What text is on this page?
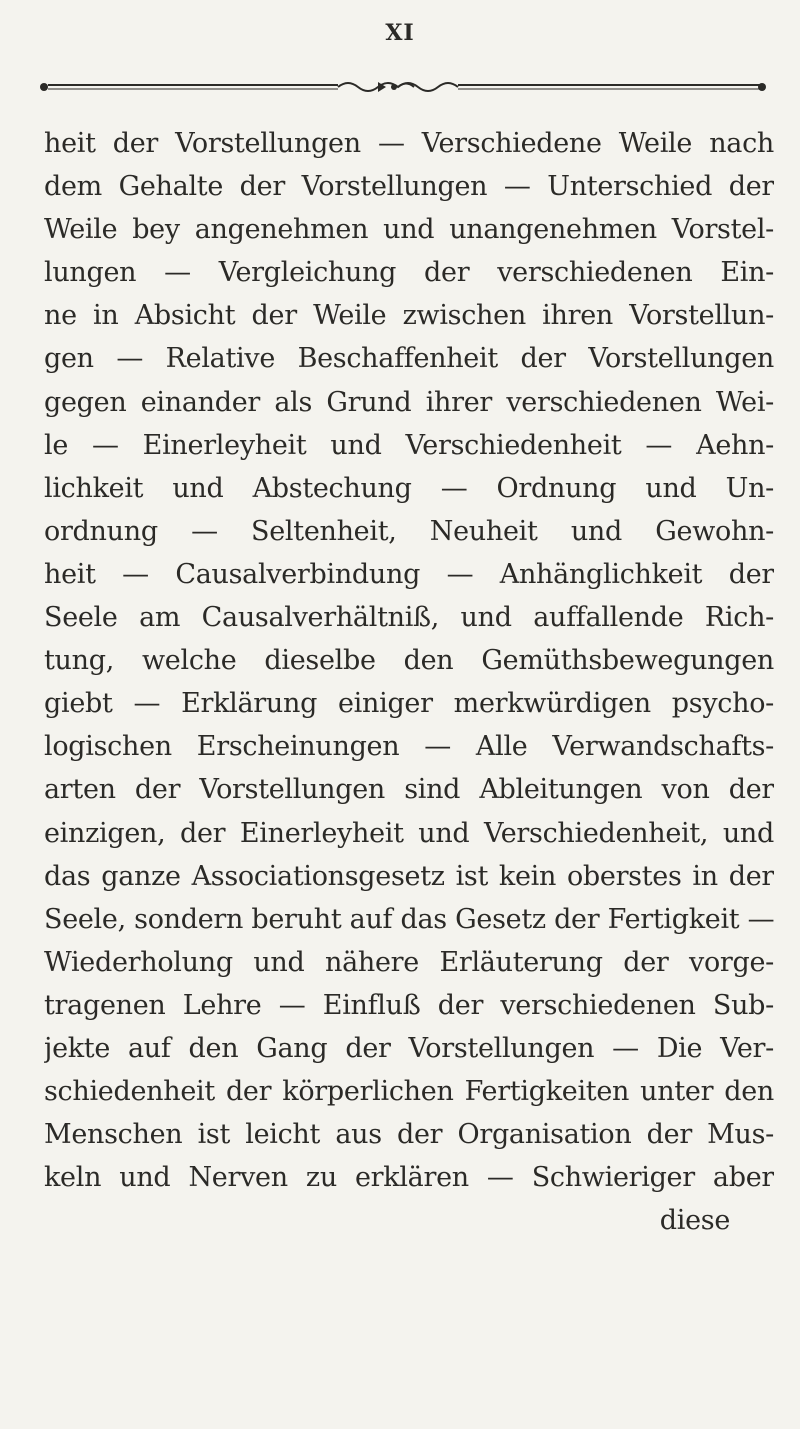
XI
heit der Vorstellungen — Verschiedene Weile nach
dem Gehalte der Vorstellungen — Unterschied der
Weile bey angenehmen und unangenehmen Vorstel-
lungen — Vergleichung der verschiedenen Ein-
ne in Absicht der Weile zwischen ihren Vorstellun-
gen — Relative Beschaffenheit der Vorstellungen
gegen einander als Grund ihrer verschiedenen Wei-
le — Einerleyheit und Verschiedenheit — Aehn-
lichkeit und Abstechung — Ordnung und Un-
ordnung — Seltenheit, Neuheit und Gewohn-
heit — Causalverbindung — Anhänglichkeit der
Seele am Causalverhältniß, und auffallende Rich-
tung, welche dieselbe den Gemüthsbewegungen
giebt — Erklärung einiger merkwürdigen psycho-
logischen Erscheinungen — Alle Verwandschafts-
arten der Vorstellungen sind Ableitungen von der
einzigen, der Einerleyheit und Verschiedenheit, und
das ganze Associationsgesetz ist kein oberstes in der
Seele, sondern beruht auf das Gesetz der Fertigkeit —
Wiederholung und nähere Erläuterung der vorge-
tragenen Lehre — Einfluß der verschiedenen Sub-
jekte auf den Gang der Vorstellungen — Die Ver-
schiedenheit der körperlichen Fertigkeiten unter den
Menschen ist leicht aus der Organisation der Mus-
keln und Nerven zu erklären — Schwieriger aber
diese
